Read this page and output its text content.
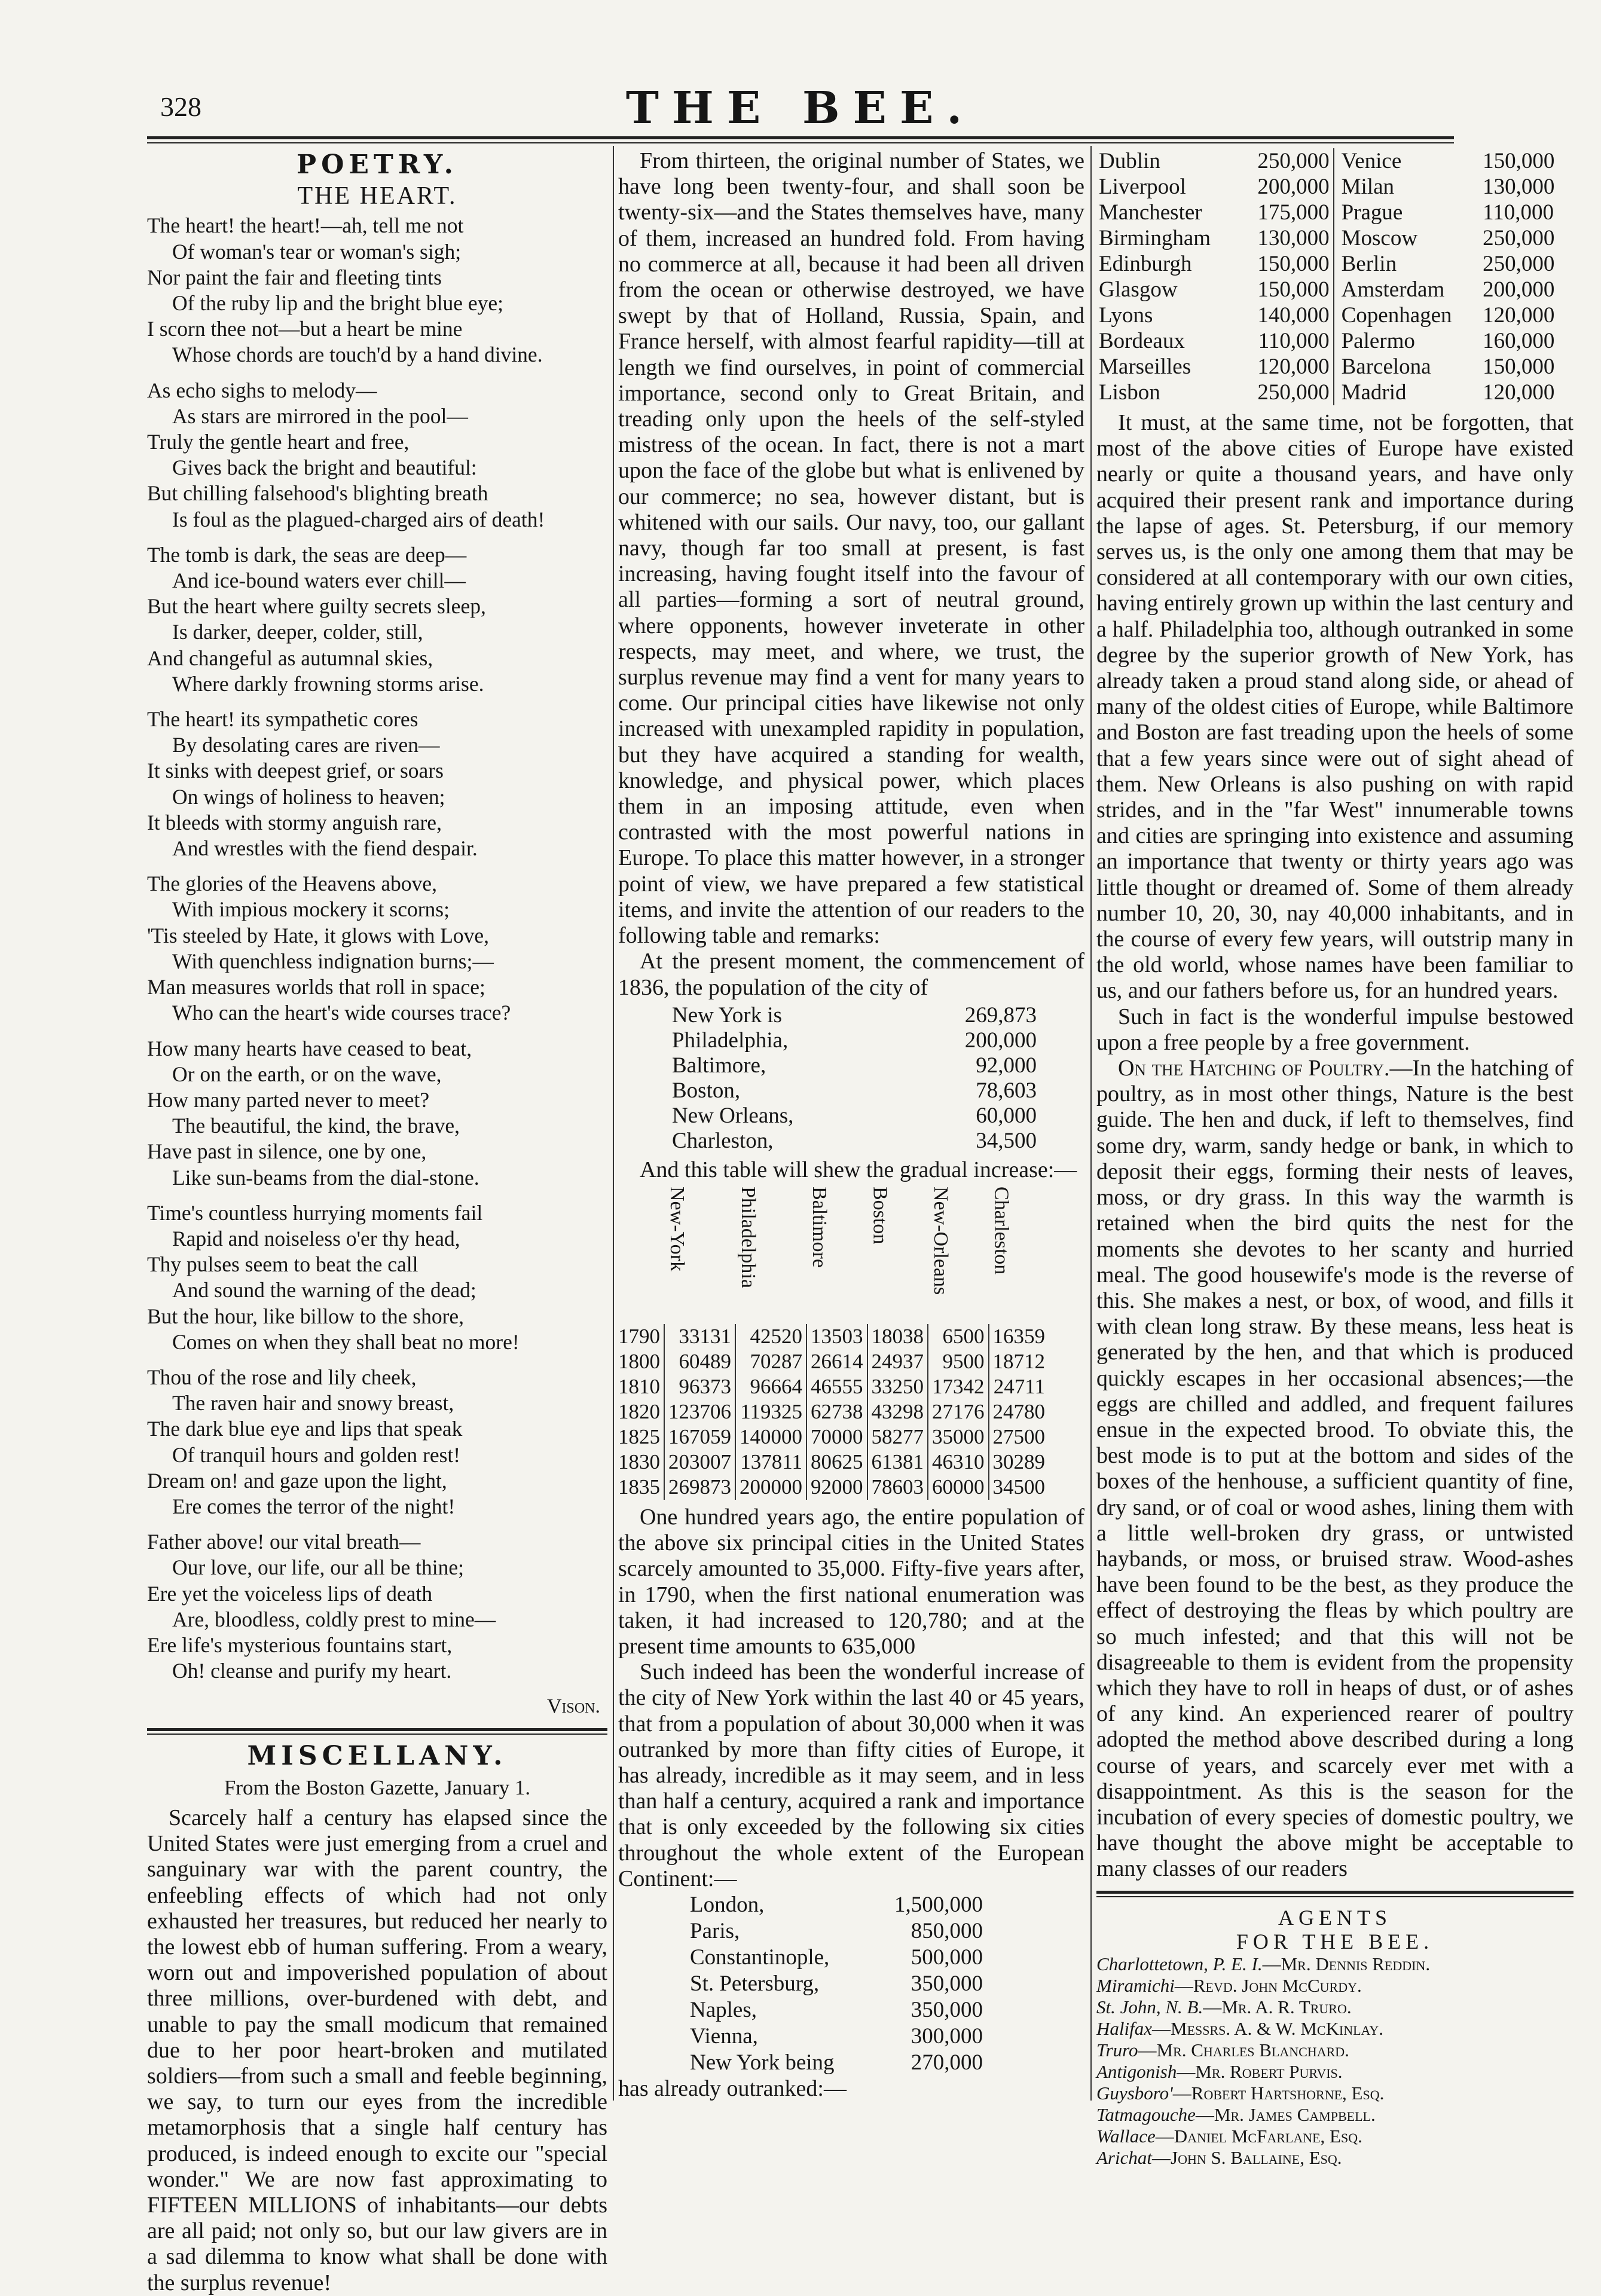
328	THE BEE.
POETRY.
THE HEART.
The heart! the heart!—ah, tell me not
Of woman's tear or woman's sigh;
Nor paint the fair and fleeting tints
Of the ruby lip and the bright blue eye;
I scorn thee not—but a heart be mine
Whose chords are touch'd by a hand divine.
As echo sighs to melody—
As stars are mirrored in the pool—
Truly the gentle heart and free,
Gives back the bright and beautiful:
But chilling falsehood's blighting breath
Is foul as the plagued-charged airs of death!
The tomb is dark, the seas are deep—
And ice-bound waters ever chill—
But the heart where guilty secrets sleep,
Is darker, deeper, colder, still,
And changeful as autumnal skies,
Where darkly frowning storms arise.
The heart! its sympathetic cores
By desolating cares are riven—
It sinks with deepest grief, or soars
On wings of holiness to heaven;
It bleeds with stormy anguish rare,
And wrestles with the fiend despair.
The glories of the Heavens above,
With impious mockery it scorns;
'Tis steeled by Hate, it glows with Love,
With quenchless indignation burns;—
Man measures worlds that roll in space;
Who can the heart's wide courses trace?
How many hearts have ceased to beat,
Or on the earth, or on the wave,
How many parted never to meet?
The beautiful, the kind, the brave,
Have past in silence, one by one,
Like sun-beams from the dial-stone.
Time's countless hurrying moments fail
Rapid and noiseless o'er thy head,
Thy pulses seem to beat the call
And sound the warning of the dead;
But the hour, like billow to the shore,
Comes on when they shall beat no more!
Thou of the rose and lily cheek,
The raven hair and snowy breast,
The dark blue eye and lips that speak
Of tranquil hours and golden rest!
Dream on! and gaze upon the light,
Ere comes the terror of the night!
Father above! our vital breath—
Our love, our life, our all be thine;
Ere yet the voiceless lips of death
Are, bloodless, coldly prest to mine—
Ere life's mysterious fountains start,
Oh! cleanse and purify my heart.
Vison.
MISCELLANY.
From the Boston Gazette, January 1.

Scarcely half a century has elapsed since the United States were just emerging from a cruel and sanguinary war with the parent country, the enfeebling effects of which had not only exhausted her treasures, but reduced her nearly to the lowest ebb of human suffering. From a weary, worn out and impoverished population of about three millions, over-burdened with debt, and unable to pay the small modicum that remained due to her poor heart-broken and mutilated soldiers—from such a small and feeble beginning, we say, to turn our eyes from the incredible metamorphosis that a single half century has produced, is indeed enough to excite our "special wonder." We are now fast approximating to FIFTEEN MILLIONS of inhabitants—our debts are all paid; not only so, but our law givers are in a sad dilemma to know what shall be done with the surplus revenue!

From thirteen, the original number of States, we have long been twenty-four, and shall soon be twenty-six—and the States themselves have, many of them, increased an hundred fold. From having no commerce at all, because it had been all driven from the ocean or otherwise destroyed, we have swept by that of Holland, Russia, Spain, and France herself, with almost fearful rapidity—till at length we find ourselves, in point of commercial importance, second only to Great Britain, and treading only upon the heels of the self-styled mistress of the ocean. In fact, there is not a mart upon the face of the globe but what is enlivened by our commerce; no sea, however distant, but is whitened with our sails. Our navy, too, our gallant navy, though far too small at present, is fast increasing, having fought itself into the favour of all parties—forming a sort of neutral ground, where opponents, however inveterate in other respects, may meet, and where, we trust, the surplus revenue may find a vent for many years to come. Our principal cities have likewise not only increased with unexampled rapidity in population, but they have acquired a standing for wealth, knowledge, and physical power, which places them in an imposing attitude, even when contrasted with the most powerful nations in Europe. To place this matter however, in a stronger point of view, we have prepared a few statistical items, and invite the attention of our readers to the following table and remarks:

At the present moment, the commencement of 1836, the population of the city of

New York is	269,873
Philadelphia,	200,000
Baltimore,	92,000
Boston,	78,603
New Orleans,	60,000
Charleston,	34,500

And this table will shew the gradual increase:—

	New-York	Philadelphia	Baltimore	Boston	New-Orleans	Charleston
1790	33131	42520	13503	18038	6500	16359
1800	60489	70287	26614	24937	9500	18712
1810	96373	96664	46555	33250	17342	24711
1820	123706	119325	62738	43298	27176	24780
1825	167059	140000	70000	58277	35000	27500
1830	203007	137811	80625	61381	46310	30289
1835	269873	200000	92000	78603	60000	34500

One hundred years ago, the entire population of the above six principal cities in the United States scarcely amounted to 35,000. Fifty-five years after, in 1790, when the first national enumeration was taken, it had increased to 120,780; and at the present time amounts to 635,000

Such indeed has been the wonderful increase of the city of New York within the last 40 or 45 years, that from a population of about 30,000 when it was outranked by more than fifty cities of Europe, it has already, incredible as it may seem, and in less than half a century, acquired a rank and importance that is only exceeded by the following six cities throughout the whole extent of the European Continent:—

London,	1,500,000
Paris,	850,000
Constantinople,	500,000
St. Petersburg,	350,000
Naples,	350,000
Vienna,	300,000
New York being	270,000

has already outranked:—

Dublin	250,000	Venice	150,000
Liverpool	200,000	Milan	130,000
Manchester	175,000	Prague	110,000
Birmingham	130,000	Moscow	250,000
Edinburgh	150,000	Berlin	250,000
Glasgow	150,000	Amsterdam	200,000
Lyons	140,000	Copenhagen	120,000
Bordeaux	110,000	Palermo	160,000
Marseilles	120,000	Barcelona	150,000
Lisbon	250,000	Madrid	120,000

It must, at the same time, not be forgotten, that most of the above cities of Europe have existed nearly or quite a thousand years, and have only acquired their present rank and importance during the lapse of ages. St. Petersburg, if our memory serves us, is the only one among them that may be considered at all contemporary with our own cities, having entirely grown up within the last century and a half. Philadelphia too, although outranked in some degree by the superior growth of New York, has already taken a proud stand along side, or ahead of many of the oldest cities of Europe, while Baltimore and Boston are fast treading upon the heels of some that a few years since were out of sight ahead of them. New Orleans is also pushing on with rapid strides, and in the "far West" innumerable towns and cities are springing into existence and assuming an importance that twenty or thirty years ago was little thought or dreamed of. Some of them already number 10, 20, 30, nay 40,000 inhabitants, and in the course of every few years, will outstrip many in the old world, whose names have been familiar to us, and our fathers before us, for an hundred years.

Such in fact is the wonderful impulse bestowed upon a free people by a free government.

On the Hatching of Poultry.—In the hatching of poultry, as in most other things, Nature is the best guide. The hen and duck, if left to themselves, find some dry, warm, sandy hedge or bank, in which to deposit their eggs, forming their nests of leaves, moss, or dry grass. In this way the warmth is retained when the bird quits the nest for the moments she devotes to her scanty and hurried meal. The good housewife's mode is the reverse of this. She makes a nest, or box, of wood, and fills it with clean long straw. By these means, less heat is generated by the hen, and that which is produced quickly escapes in her occasional absences;—the eggs are chilled and addled, and frequent failures ensue in the expected brood. To obviate this, the best mode is to put at the bottom and sides of the boxes of the henhouse, a sufficient quantity of fine, dry sand, or of coal or wood ashes, lining them with a little well-broken dry grass, or untwisted haybands, or moss, or bruised straw. Wood-ashes have been found to be the best, as they produce the effect of destroying the fleas by which poultry are so much infested; and that this will not be disagreeable to them is evident from the propensity which they have to roll in heaps of dust, or of ashes of any kind. An experienced rearer of poultry adopted the method above described during a long course of years, and scarcely ever met with a disappointment. As this is the season for the incubation of every species of domestic poultry, we have thought the above might be acceptable to many classes of our readers

AGENTS
FOR THE BEE.
Charlottetown, P. E. I.—Mr. Dennis Reddin.
Miramichi—Revd. John McCurdy.
St. John, N. B.—Mr. A. R. Truro.
Halifax—Messrs. A. & W. McKinlay.
Truro—Mr. Charles Blanchard.
Antigonish—Mr. Robert Purvis.
Guysboro'—Robert Hartshorne, Esq.
Tatmagouche—Mr. James Campbell.
Wallace—Daniel McFarlane, Esq.
Arichat—John S. Ballaine, Esq.
